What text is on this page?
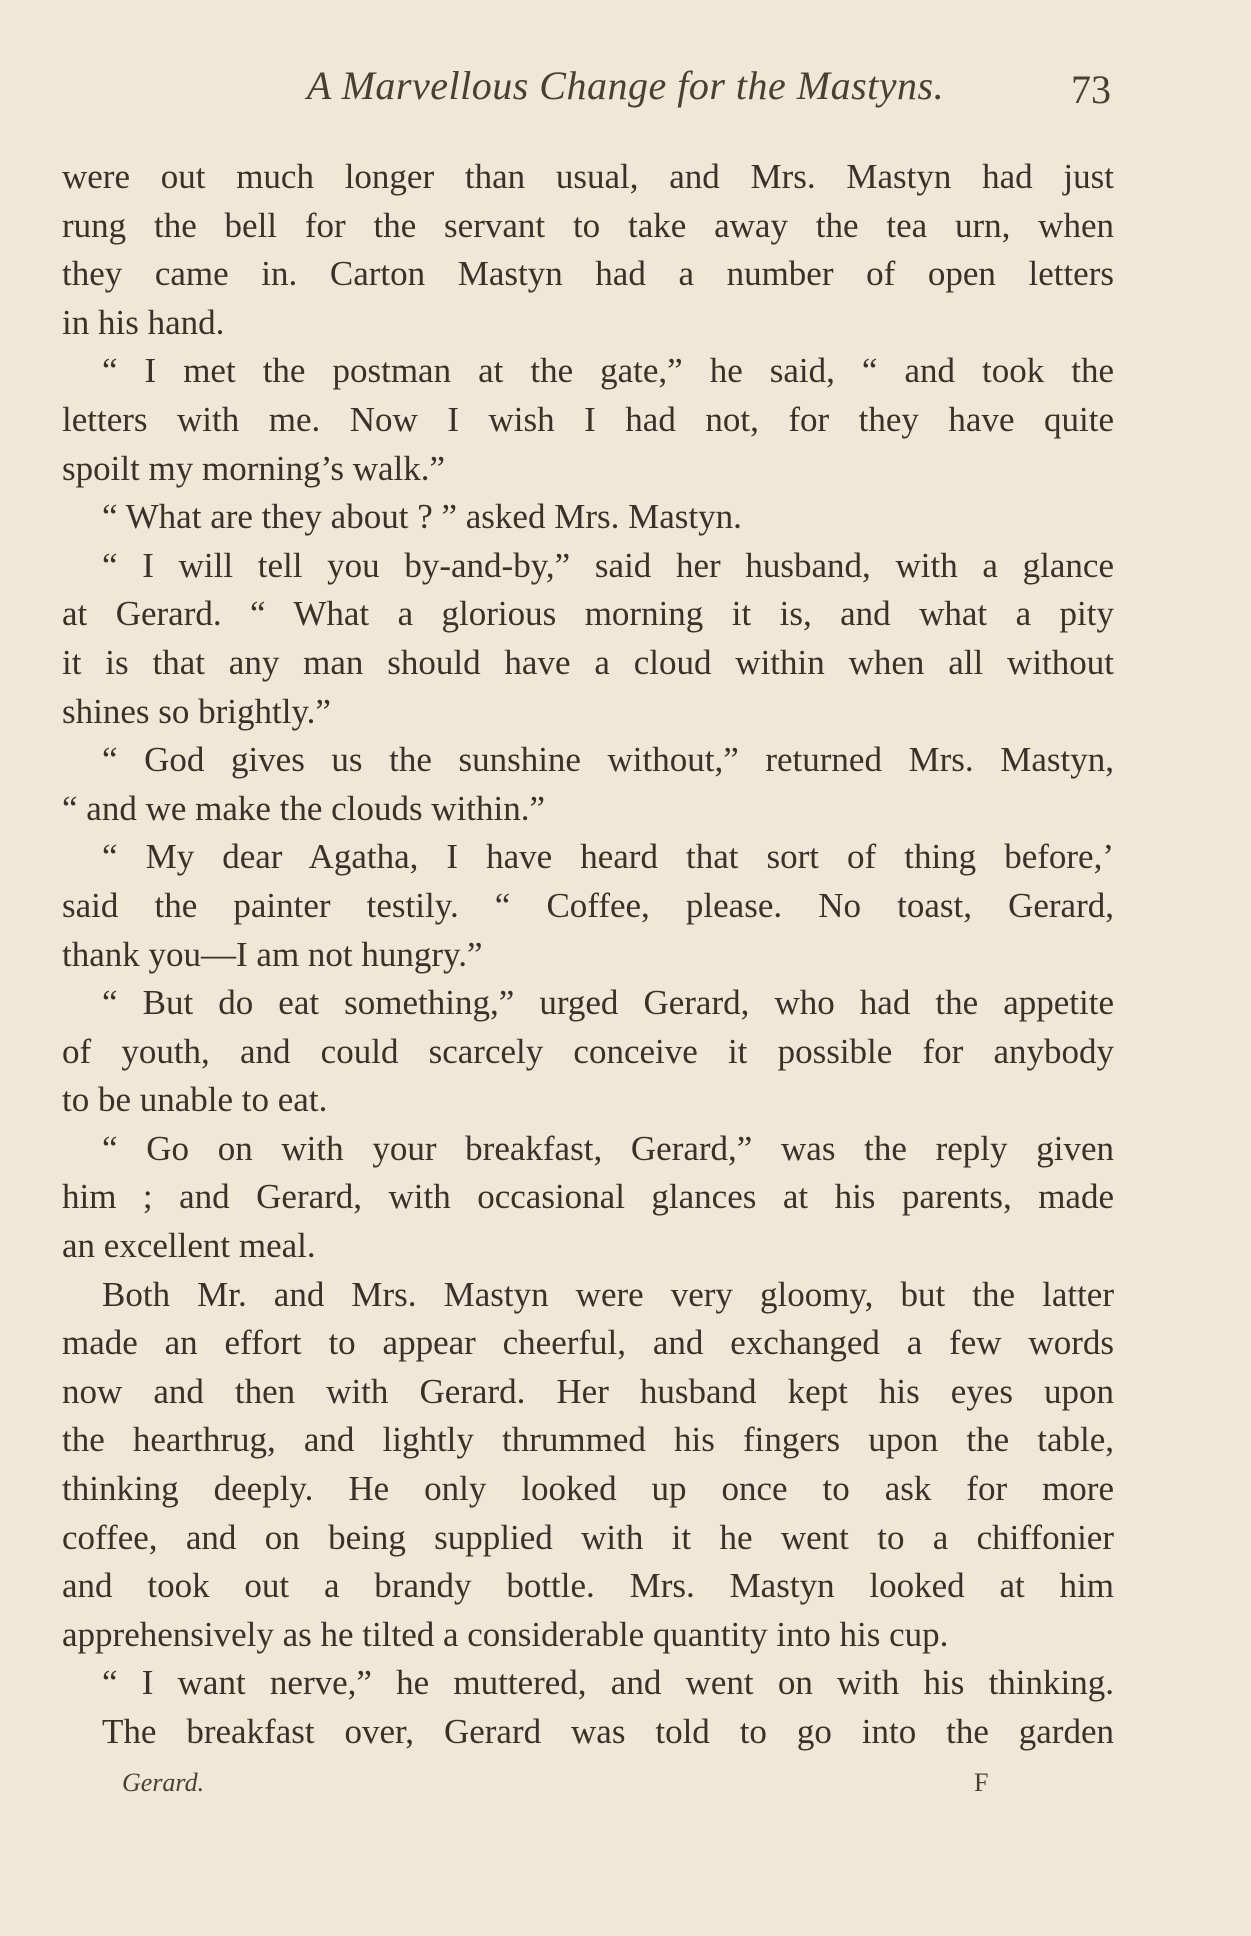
A Marvellous Change for the Mastyns.	73
were out much longer than usual, and Mrs. Mastyn had just
rung the bell for the servant to take away the tea urn, when
they came in. Carton Mastyn had a number of open letters
in his hand.
“ I met the postman at the gate,” he said, “ and took the
letters with me. Now I wish I had not, for they have quite
spoilt my morning’s walk.”
“ What are they about ? ” asked Mrs. Mastyn.
“ I will tell you by-and-by,” said her husband, with a glance
at Gerard. “ What a glorious morning it is, and what a pity
it is that any man should have a cloud within when all without
shines so brightly.”
“ God gives us the sunshine without,” returned Mrs. Mastyn,
“ and we make the clouds within.”
“ My dear Agatha, I have heard that sort of thing before,’
said the painter testily. “ Coffee, please. No toast, Gerard,
thank you—I am not hungry.”
“ But do eat something,” urged Gerard, who had the appetite
of youth, and could scarcely conceive it possible for anybody
to be unable to eat.
“ Go on with your breakfast, Gerard,” was the reply given
him ; and Gerard, with occasional glances at his parents, made
an excellent meal.
Both Mr. and Mrs. Mastyn were very gloomy, but the latter
made an effort to appear cheerful, and exchanged a few words
now and then with Gerard. Her husband kept his eyes upon
the hearthrug, and lightly thrummed his fingers upon the table,
thinking deeply. He only looked up once to ask for more
coffee, and on being supplied with it he went to a chiffonier
and took out a brandy bottle. Mrs. Mastyn looked at him
apprehensively as he tilted a considerable quantity into his cup.
“ I want nerve,” he muttered, and went on with his thinking.
The breakfast over, Gerard was told to go into the garden
Gerard.	F
